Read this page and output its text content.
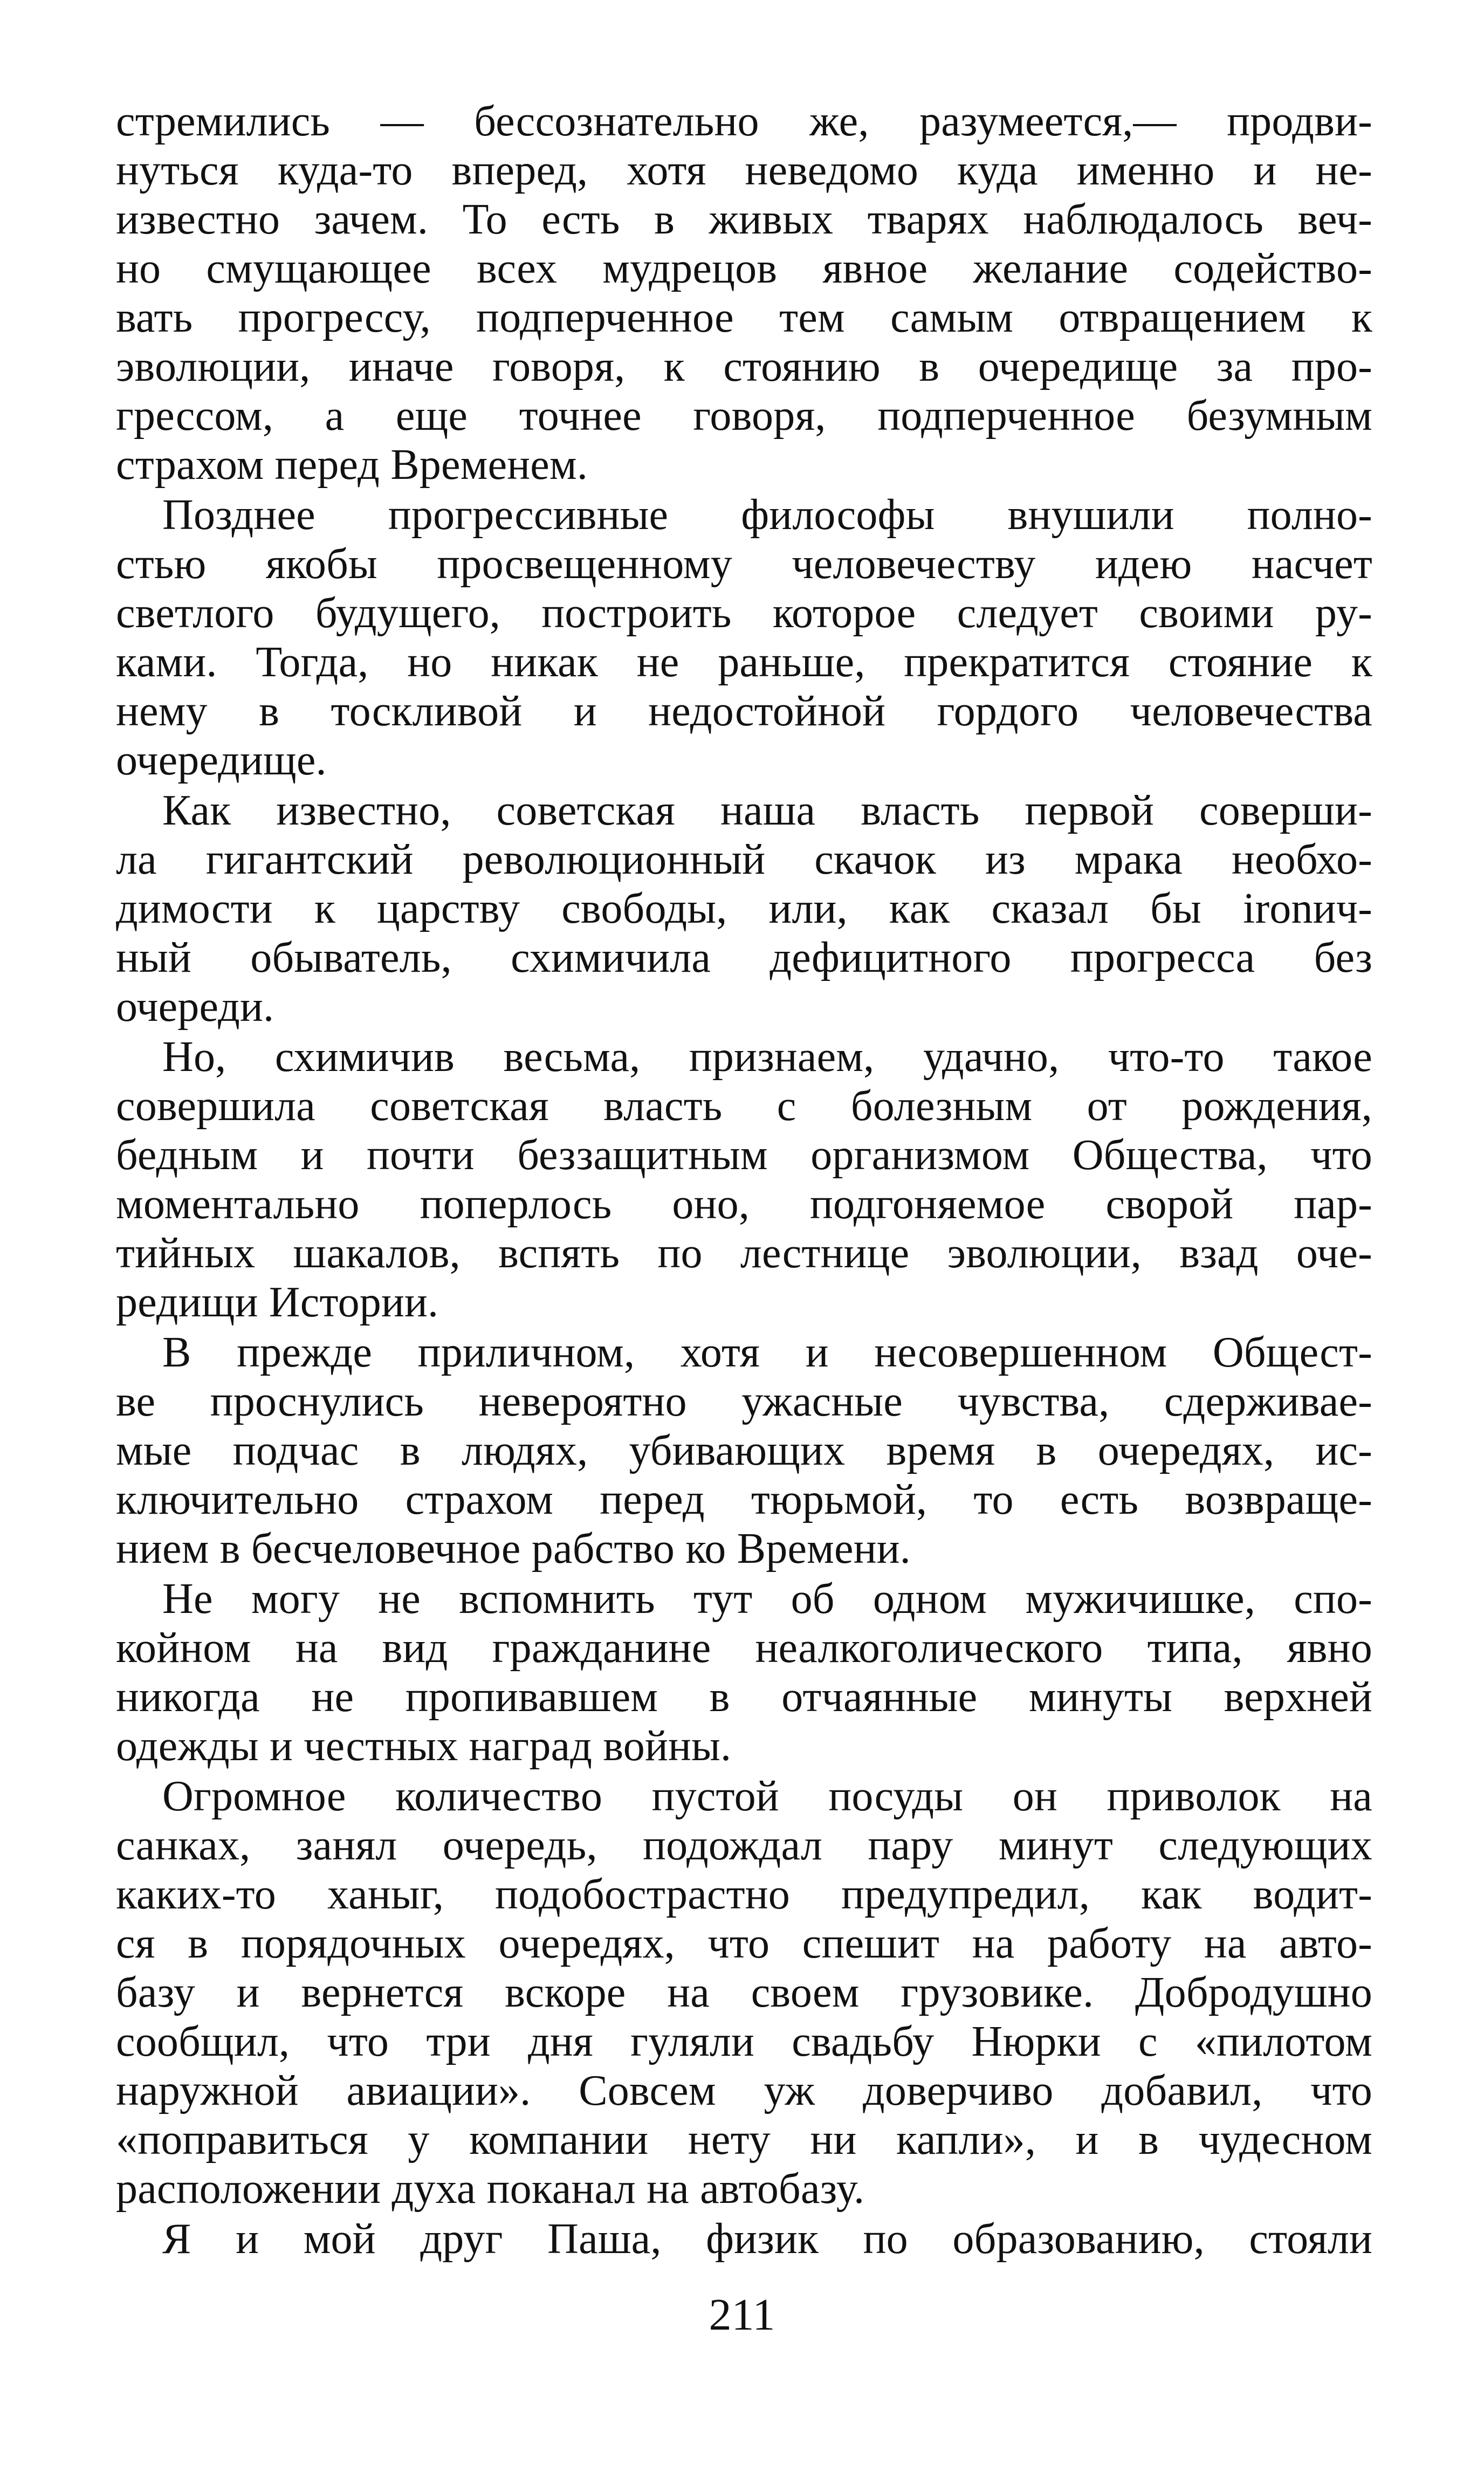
стремились — бессознательно же, разумеется,— продви-
нуться куда-то вперед, хотя неведомо куда именно и не-
известно зачем. То есть в живых тварях наблюдалось веч-
но смущающее всех мудрецов явное желание содейство-
вать прогрессу, подперченное тем самым отвращением к
эволюции, иначе говоря, к стоянию в очередище за про-
грессом, а еще точнее говоря, подперченное безумным
страхом перед Временем.
Позднее прогрессивные философы внушили полно-
стью якобы просвещенному человечеству идею насчет
светлого будущего, построить которое следует своими ру-
ками. Тогда, но никак не раньше, прекратится стояние к
нему в тоскливой и недостойной гордого человечества
очередище.
Как известно, советская наша власть первой соверши-
ла гигантский революционный скачок из мрака необхо-
димости к царству свободы, или, как сказал бы ironич-
ный обыватель, схимичила дефицитного прогресса без
очереди.
Но, схимичив весьма, признаем, удачно, что-то такое
совершила советская власть с болезным от рождения,
бедным и почти беззащитным организмом Общества, что
моментально поперлось оно, подгоняемое сворой пар-
тийных шакалов, вспять по лестнице эволюции, взад оче-
редищи Истории.
В прежде приличном, хотя и несовершенном Общест-
ве проснулись невероятно ужасные чувства, сдерживае-
мые подчас в людях, убивающих время в очередях, ис-
ключительно страхом перед тюрьмой, то есть возвраще-
нием в бесчеловечное рабство ко Времени.
Не могу не вспомнить тут об одном мужичишке, спо-
койном на вид гражданине неалкоголического типа, явно
никогда не пропивавшем в отчаянные минуты верхней
одежды и честных наград войны.
Огромное количество пустой посуды он приволок на
санках, занял очередь, подождал пару минут следующих
каких-то ханыг, подобострастно предупредил, как водит-
ся в порядочных очередях, что спешит на работу на авто-
базу и вернется вскоре на своем грузовике. Добродушно
сообщил, что три дня гуляли свадьбу Нюрки с «пилотом
наружной авиации». Совсем уж доверчиво добавил, что
«поправиться у компании нету ни капли», и в чудесном
расположении духа поканал на автобазу.
Я и мой друг Паша, физик по образованию, стояли
211
